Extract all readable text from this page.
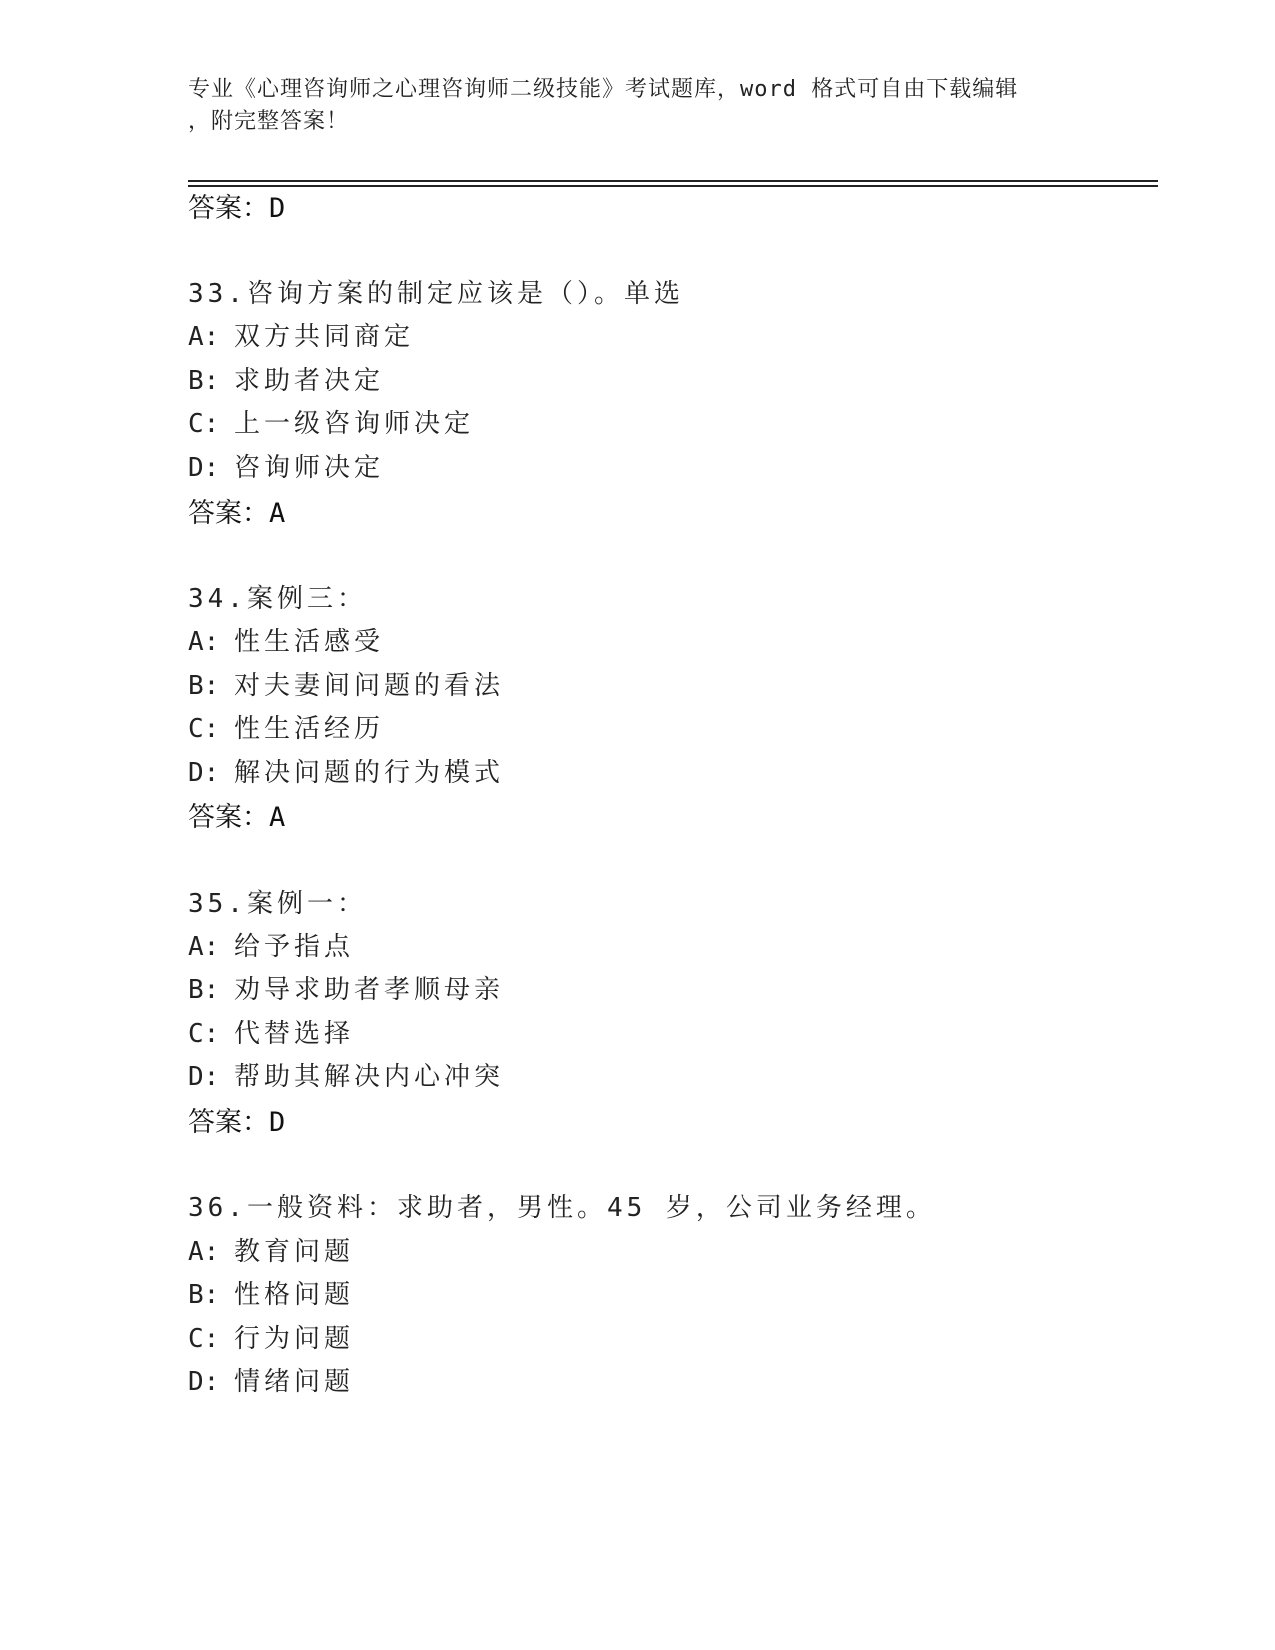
专业《心理咨询师之心理咨询师二级技能》考试题库，word 格式可自由下载编辑
，附完整答案！
答案：D
33.咨询方案的制定应该是（）。单选
A: 双方共同商定
B: 求助者决定
C: 上一级咨询师决定
D: 咨询师决定
答案：A
34.案例三：
A: 性生活感受
B: 对夫妻间问题的看法
C: 性生活经历
D: 解决问题的行为模式
答案：A
35.案例一：
A: 给予指点
B: 劝导求助者孝顺母亲
C: 代替选择
D: 帮助其解决内心冲突
答案：D
36.一般资料：求助者，男性。45 岁，公司业务经理。
A: 教育问题
B: 性格问题
C: 行为问题
D: 情绪问题
